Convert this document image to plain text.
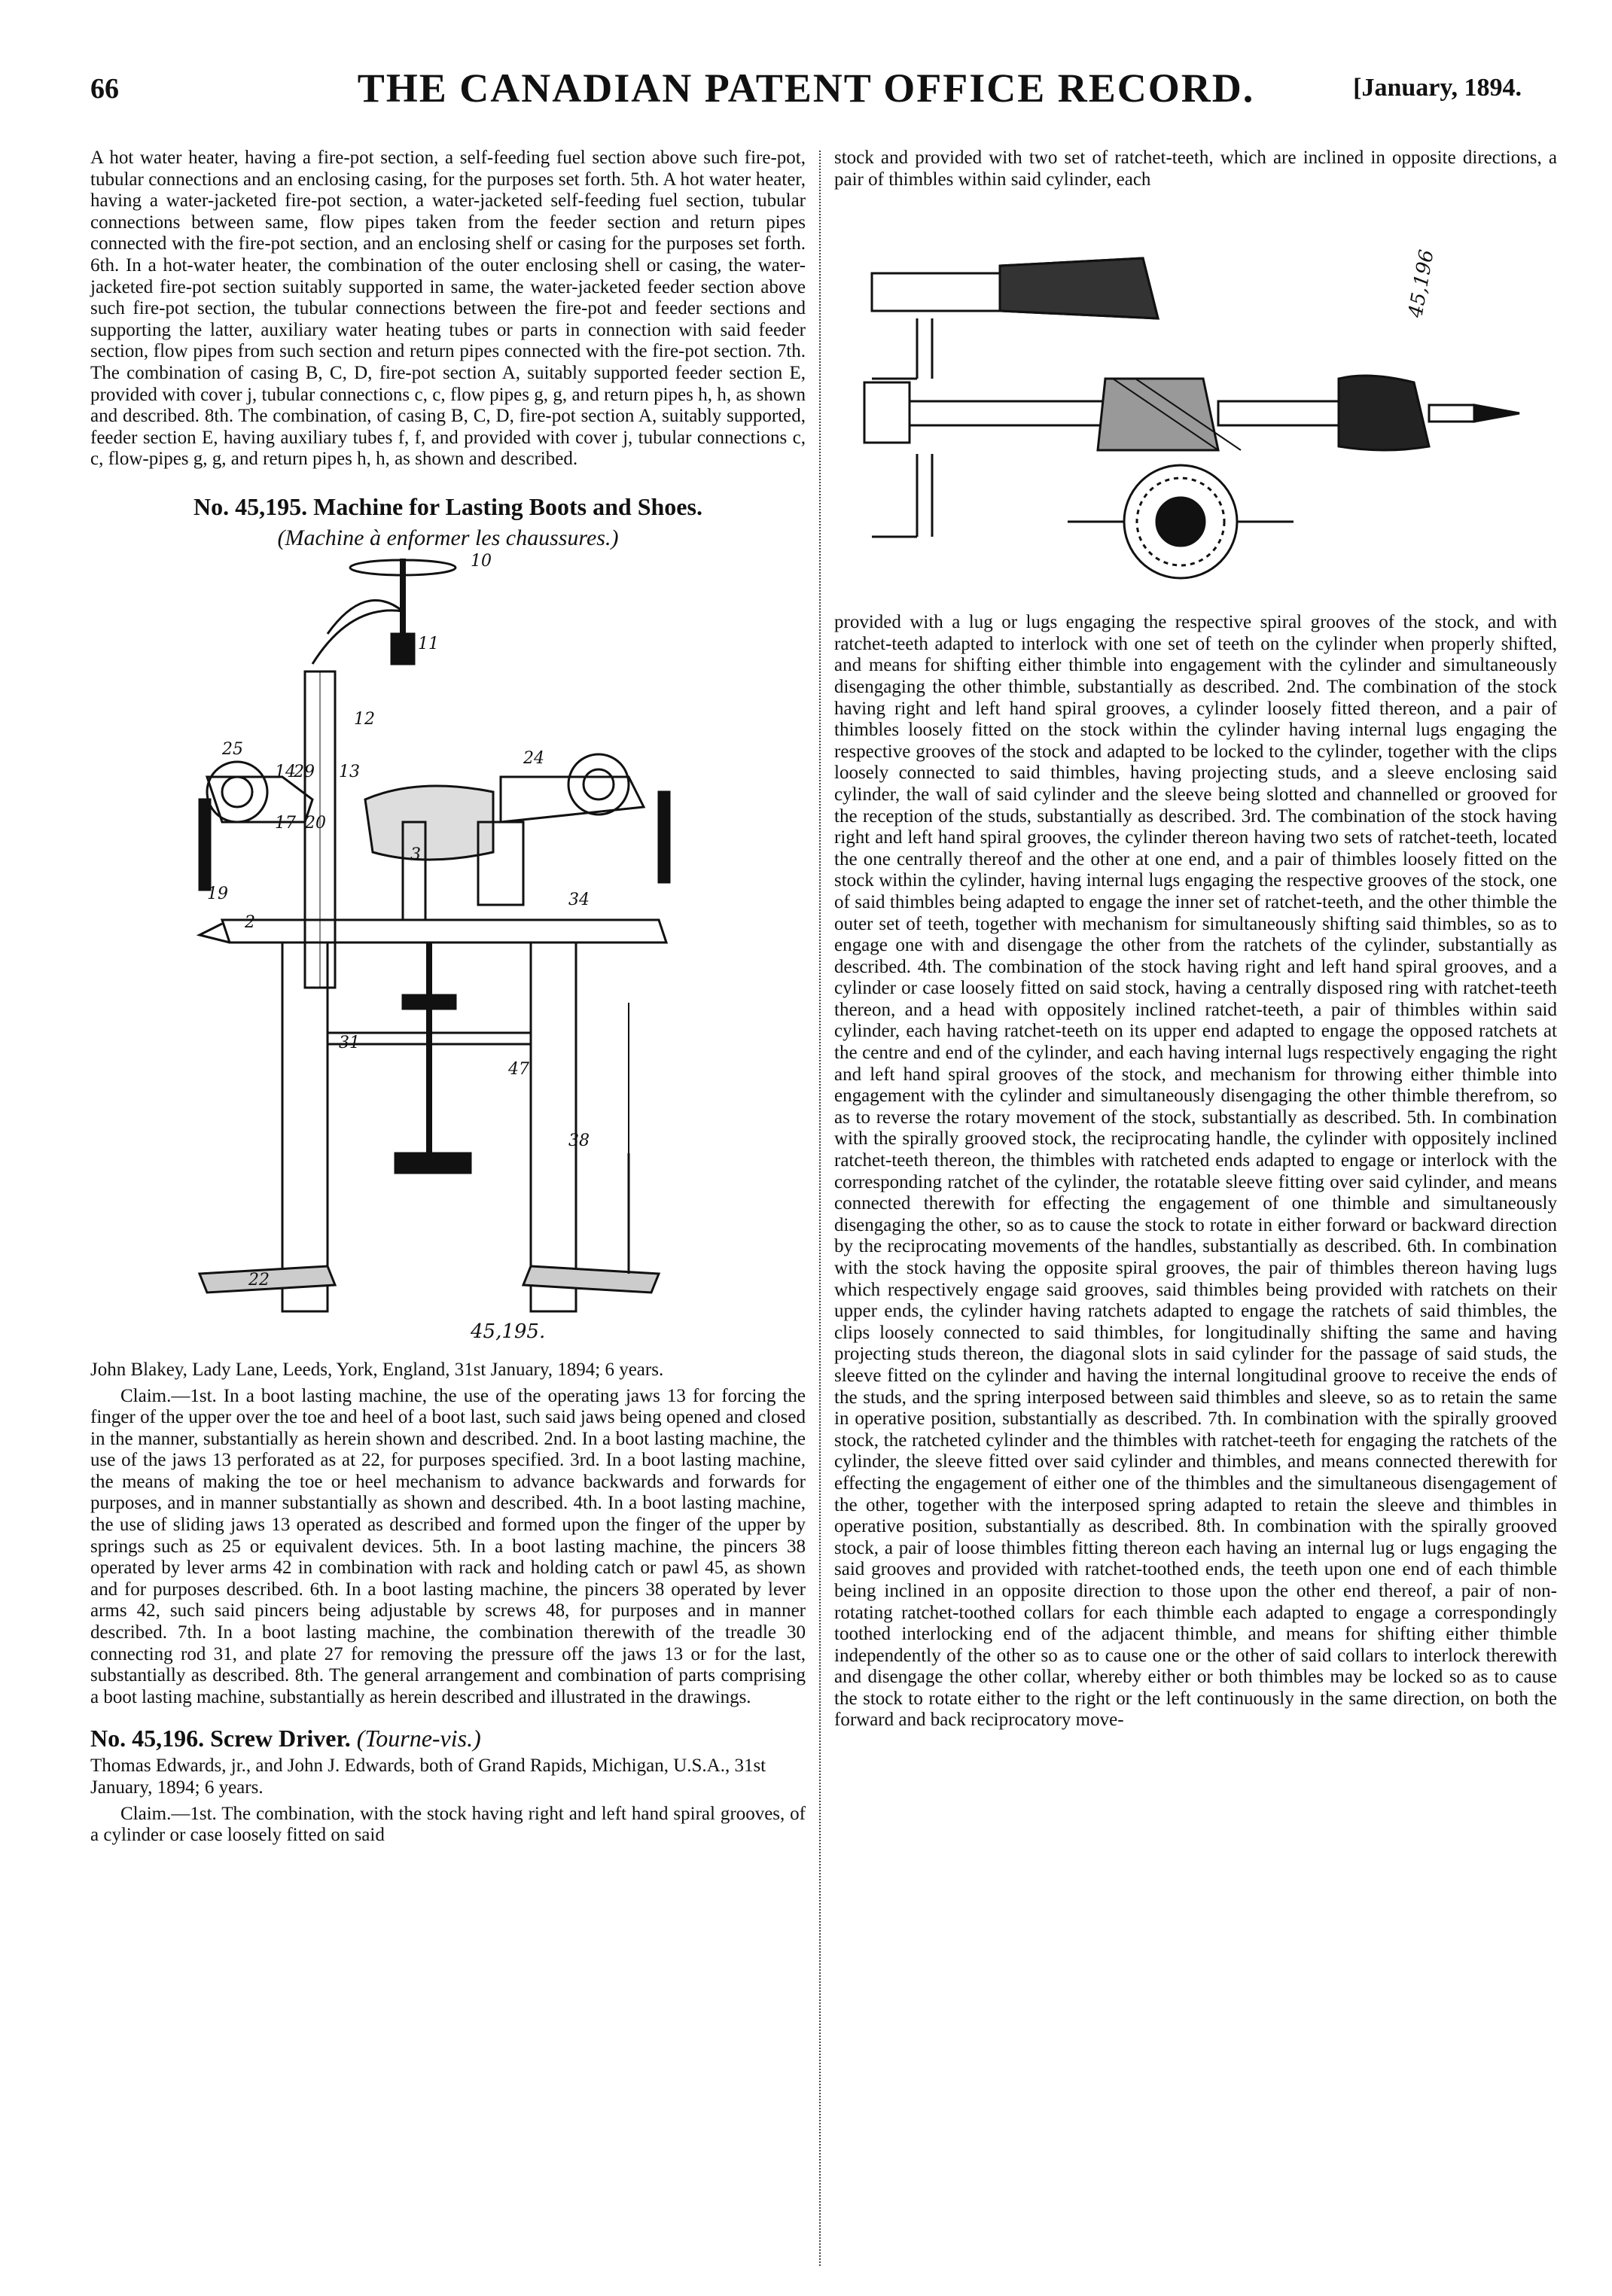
66	THE CANADIAN PATENT OFFICE RECORD.	[January, 1894.
A hot water heater, having a fire-pot section, a self-feeding fuel section above such fire-pot, tubular connections and an enclosing casing, for the purposes set forth. 5th. A hot water heater, having a water-jacketed fire-pot section, a water-jacketed self-feeding fuel section, tubular connections between same, flow pipes taken from the feeder section and return pipes connected with the fire-pot section, and an enclosing shelf or casing for the purposes set forth. 6th. In a hot-water heater, the combination of the outer enclosing shell or casing, the water-jacketed fire-pot section suitably supported in same, the water-jacketed feeder section above such fire-pot section, the tubular connections between the fire-pot and feeder sections and supporting the latter, auxiliary water heating tubes or parts in connection with said feeder section, flow pipes from such section and return pipes connected with the fire-pot section. 7th. The combination of casing B, C, D, fire-pot section A, suitably supported feeder section E, provided with cover j, tubular connections c, c, flow pipes g, g, and return pipes h, h, as shown and described. 8th. The combination, of casing B, C, D, fire-pot section A, suitably supported, feeder section E, having auxiliary tubes f, f, and provided with cover j, tubular connections c, c, flow-pipes g, g, and return pipes h, h, as shown and described.
No. 45,195. Machine for Lasting Boots and Shoes.
(Machine à enformer les chaussures.)
10
11
12
25
29 13
14
24
17 20
19
2
3
34
47
31
38
22
45,195.
John Blakey, Lady Lane, Leeds, York, England, 31st January, 1894; 6 years.
Claim.—1st. In a boot lasting machine, the use of the operating jaws 13 for forcing the finger of the upper over the toe and heel of a boot last, such said jaws being opened and closed in the manner, substantially as herein shown and described. 2nd. In a boot lasting machine, the use of the jaws 13 perforated as at 22, for purposes specified. 3rd. In a boot lasting machine, the means of making the toe or heel mechanism to advance backwards and forwards for purposes, and in manner substantially as shown and described. 4th. In a boot lasting machine, the use of sliding jaws 13 operated as described and formed upon the finger of the upper by springs such as 25 or equivalent devices. 5th. In a boot lasting machine, the pincers 38 operated by lever arms 42 in combination with rack and holding catch or pawl 45, as shown and for purposes described. 6th. In a boot lasting machine, the pincers 38 operated by lever arms 42, such said pincers being adjustable by screws 48, for purposes and in manner described. 7th. In a boot lasting machine, the combination therewith of the treadle 30 connecting rod 31, and plate 27 for removing the pressure off the jaws 13 or for the last, substantially as described. 8th. The general arrangement and combination of parts comprising a boot lasting machine, substantially as herein described and illustrated in the drawings.
No. 45,196. Screw Driver. (Tourne-vis.)
Thomas Edwards, jr., and John J. Edwards, both of Grand Rapids, Michigan, U.S.A., 31st January, 1894; 6 years.
Claim.—1st. The combination, with the stock having right and left hand spiral grooves, of a cylinder or case loosely fitted on said
stock and provided with two set of ratchet-teeth, which are inclined in opposite directions, a pair of thimbles within said cylinder, each
45,196
provided with a lug or lugs engaging the respective spiral grooves of the stock, and with ratchet-teeth adapted to interlock with one set of teeth on the cylinder when properly shifted, and means for shifting either thimble into engagement with the cylinder and simultaneously disengaging the other thimble, substantially as described. 2nd. The combination of the stock having right and left hand spiral grooves, a cylinder loosely fitted thereon, and a pair of thimbles loosely fitted on the stock within the cylinder having internal lugs engaging the respective grooves of the stock and adapted to be locked to the cylinder, together with the clips loosely connected to said thimbles, having projecting studs, and a sleeve enclosing said cylinder, the wall of said cylinder and the sleeve being slotted and channelled or grooved for the reception of the studs, substantially as described. 3rd. The combination of the stock having right and left hand spiral grooves, the cylinder thereon having two sets of ratchet-teeth, located the one centrally thereof and the other at one end, and a pair of thimbles loosely fitted on the stock within the cylinder, having internal lugs engaging the respective grooves of the stock, one of said thimbles being adapted to engage the inner set of ratchet-teeth, and the other thimble the outer set of teeth, together with mechanism for simultaneously shifting said thimbles, so as to engage one with and disengage the other from the ratchets of the cylinder, substantially as described. 4th. The combination of the stock having right and left hand spiral grooves, and a cylinder or case loosely fitted on said stock, having a centrally disposed ring with ratchet-teeth thereon, and a head with oppositely inclined ratchet-teeth, a pair of thimbles within said cylinder, each having ratchet-teeth on its upper end adapted to engage the opposed ratchets at the centre and end of the cylinder, and each having internal lugs respectively engaging the right and left hand spiral grooves of the stock, and mechanism for throwing either thimble into engagement with the cylinder and simultaneously disengaging the other thimble therefrom, so as to reverse the rotary movement of the stock, substantially as described. 5th. In combination with the spirally grooved stock, the reciprocating handle, the cylinder with oppositely inclined ratchet-teeth thereon, the thimbles with ratcheted ends adapted to engage or interlock with the corresponding ratchet of the cylinder, the rotatable sleeve fitting over said cylinder, and means connected therewith for effecting the engagement of one thimble and simultaneously disengaging the other, so as to cause the stock to rotate in either forward or backward direction by the reciprocating movements of the handles, substantially as described. 6th. In combination with the stock having the opposite spiral grooves, the pair of thimbles thereon having lugs which respectively engage said grooves, said thimbles being provided with ratchets on their upper ends, the cylinder having ratchets adapted to engage the ratchets of said thimbles, the clips loosely connected to said thimbles, for longitudinally shifting the same and having projecting studs thereon, the diagonal slots in said cylinder for the passage of said studs, the sleeve fitted on the cylinder and having the internal longitudinal groove to receive the ends of the studs, and the spring interposed between said thimbles and sleeve, so as to retain the same in operative position, substantially as described. 7th. In combination with the spirally grooved stock, the ratcheted cylinder and the thimbles with ratchet-teeth for engaging the ratchets of the cylinder, the sleeve fitted over said cylinder and thimbles, and means connected therewith for effecting the engagement of either one of the thimbles and the simultaneous disengagement of the other, together with the interposed spring adapted to retain the sleeve and thimbles in operative position, substantially as described. 8th. In combination with the spirally grooved stock, a pair of loose thimbles fitting thereon each having an internal lug or lugs engaging the said grooves and provided with ratchet-toothed ends, the teeth upon one end of each thimble being inclined in an opposite direction to those upon the other end thereof, a pair of non-rotating ratchet-toothed collars for each thimble each adapted to engage a correspondingly toothed interlocking end of the adjacent thimble, and means for shifting either thimble independently of the other so as to cause one or the other of said collars to interlock therewith and disengage the other collar, whereby either or both thimbles may be locked so as to cause the stock to rotate either to the right or the left continuously in the same direction, on both the forward and back reciprocatory move-
